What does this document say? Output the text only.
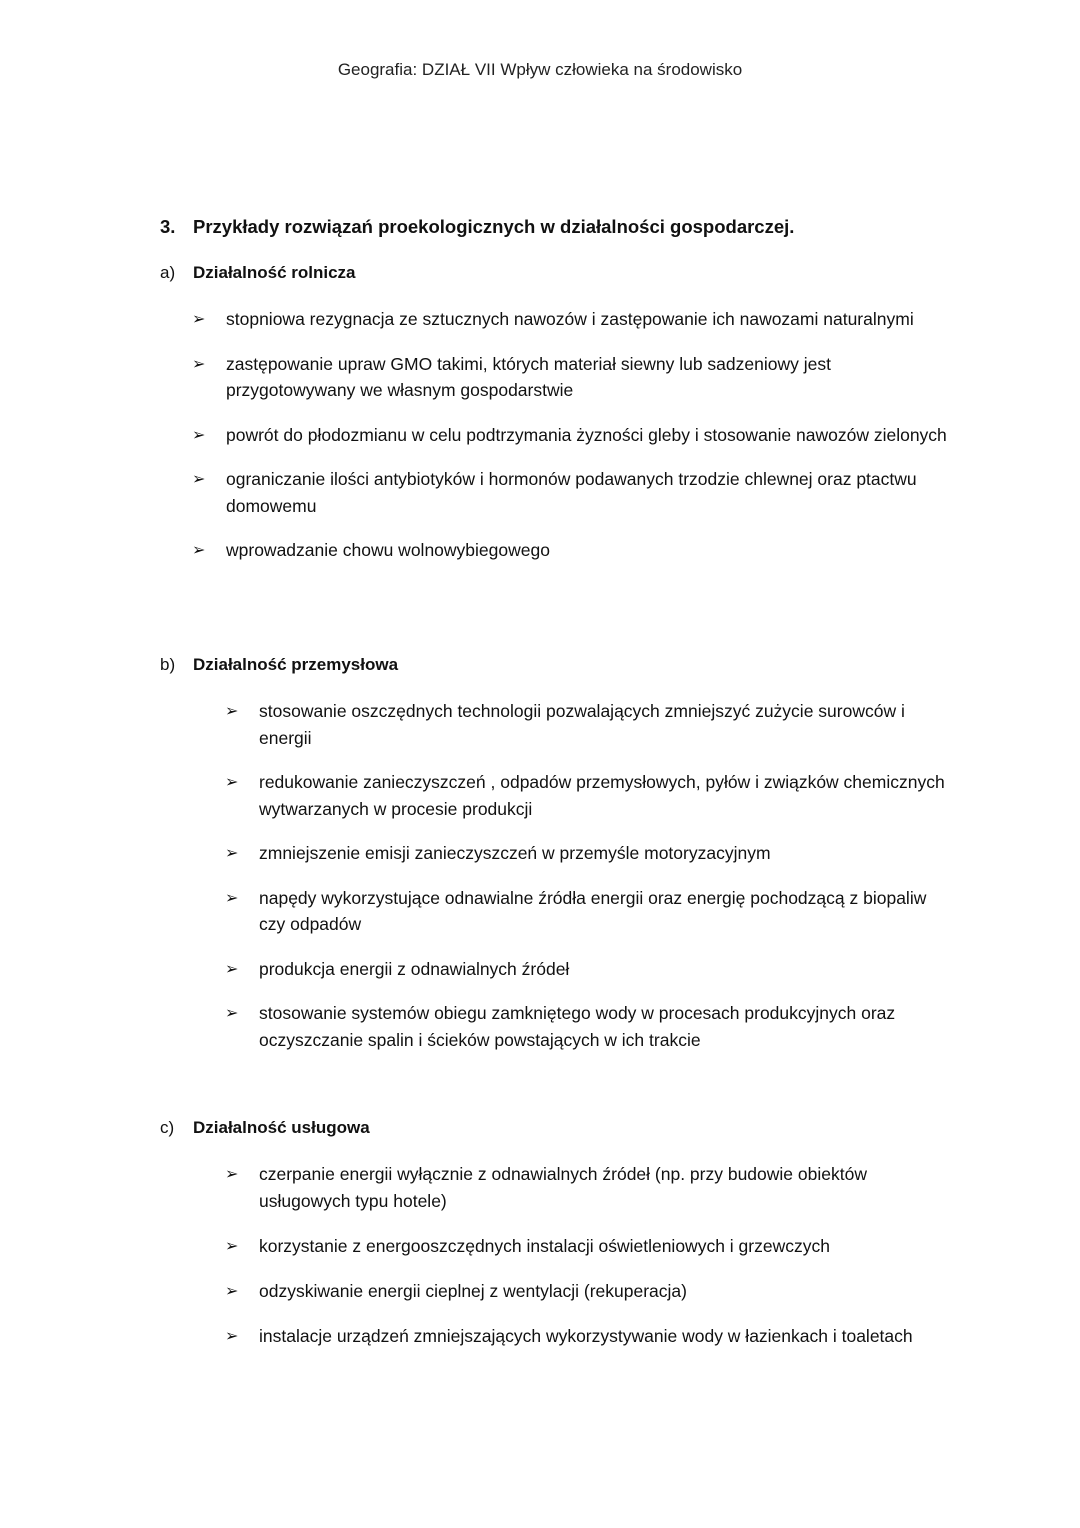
Geografia: DZIAŁ VII Wpływ człowieka na środowisko
3. Przykłady rozwiązań proekologicznych w działalności gospodarczej.
a) Działalność rolnicza
➢	stopniowa rezygnacja ze sztucznych nawozów i zastępowanie ich nawozami naturalnymi
➢	zastępowanie upraw GMO takimi, których materiał siewny lub sadzeniowy jest przygotowywany we własnym gospodarstwie
➢	powrót do płodozmianu w celu podtrzymania żyzności gleby i stosowanie nawozów zielonych
➢	ograniczanie ilości antybiotyków i hormonów podawanych trzodzie chlewnej oraz ptactwu domowemu
➢	wprowadzanie chowu wolnowybiegowego
b) Działalność przemysłowa
➢	stosowanie oszczędnych technologii pozwalających zmniejszyć zużycie surowców i energii
➢	redukowanie zanieczyszczeń , odpadów przemysłowych, pyłów i związków chemicznych wytwarzanych w procesie produkcji
➢	zmniejszenie emisji zanieczyszczeń w przemyśle motoryzacyjnym
➢	napędy wykorzystujące odnawialne źródła energii oraz energię pochodzącą z biopaliw czy odpadów
➢	produkcja energii z odnawialnych źródeł
➢	stosowanie systemów obiegu zamkniętego wody w procesach produkcyjnych oraz oczyszczanie spalin i ścieków powstających w ich trakcie
c) Działalność usługowa
➢	czerpanie energii wyłącznie z odnawialnych źródeł (np. przy budowie obiektów usługowych typu hotele)
➢	korzystanie z energooszczędnych instalacji oświetleniowych i grzewczych
➢	odzyskiwanie energii cieplnej z wentylacji (rekuperacja)
➢	instalacje urządzeń zmniejszających wykorzystywanie wody w łazienkach i toaletach
